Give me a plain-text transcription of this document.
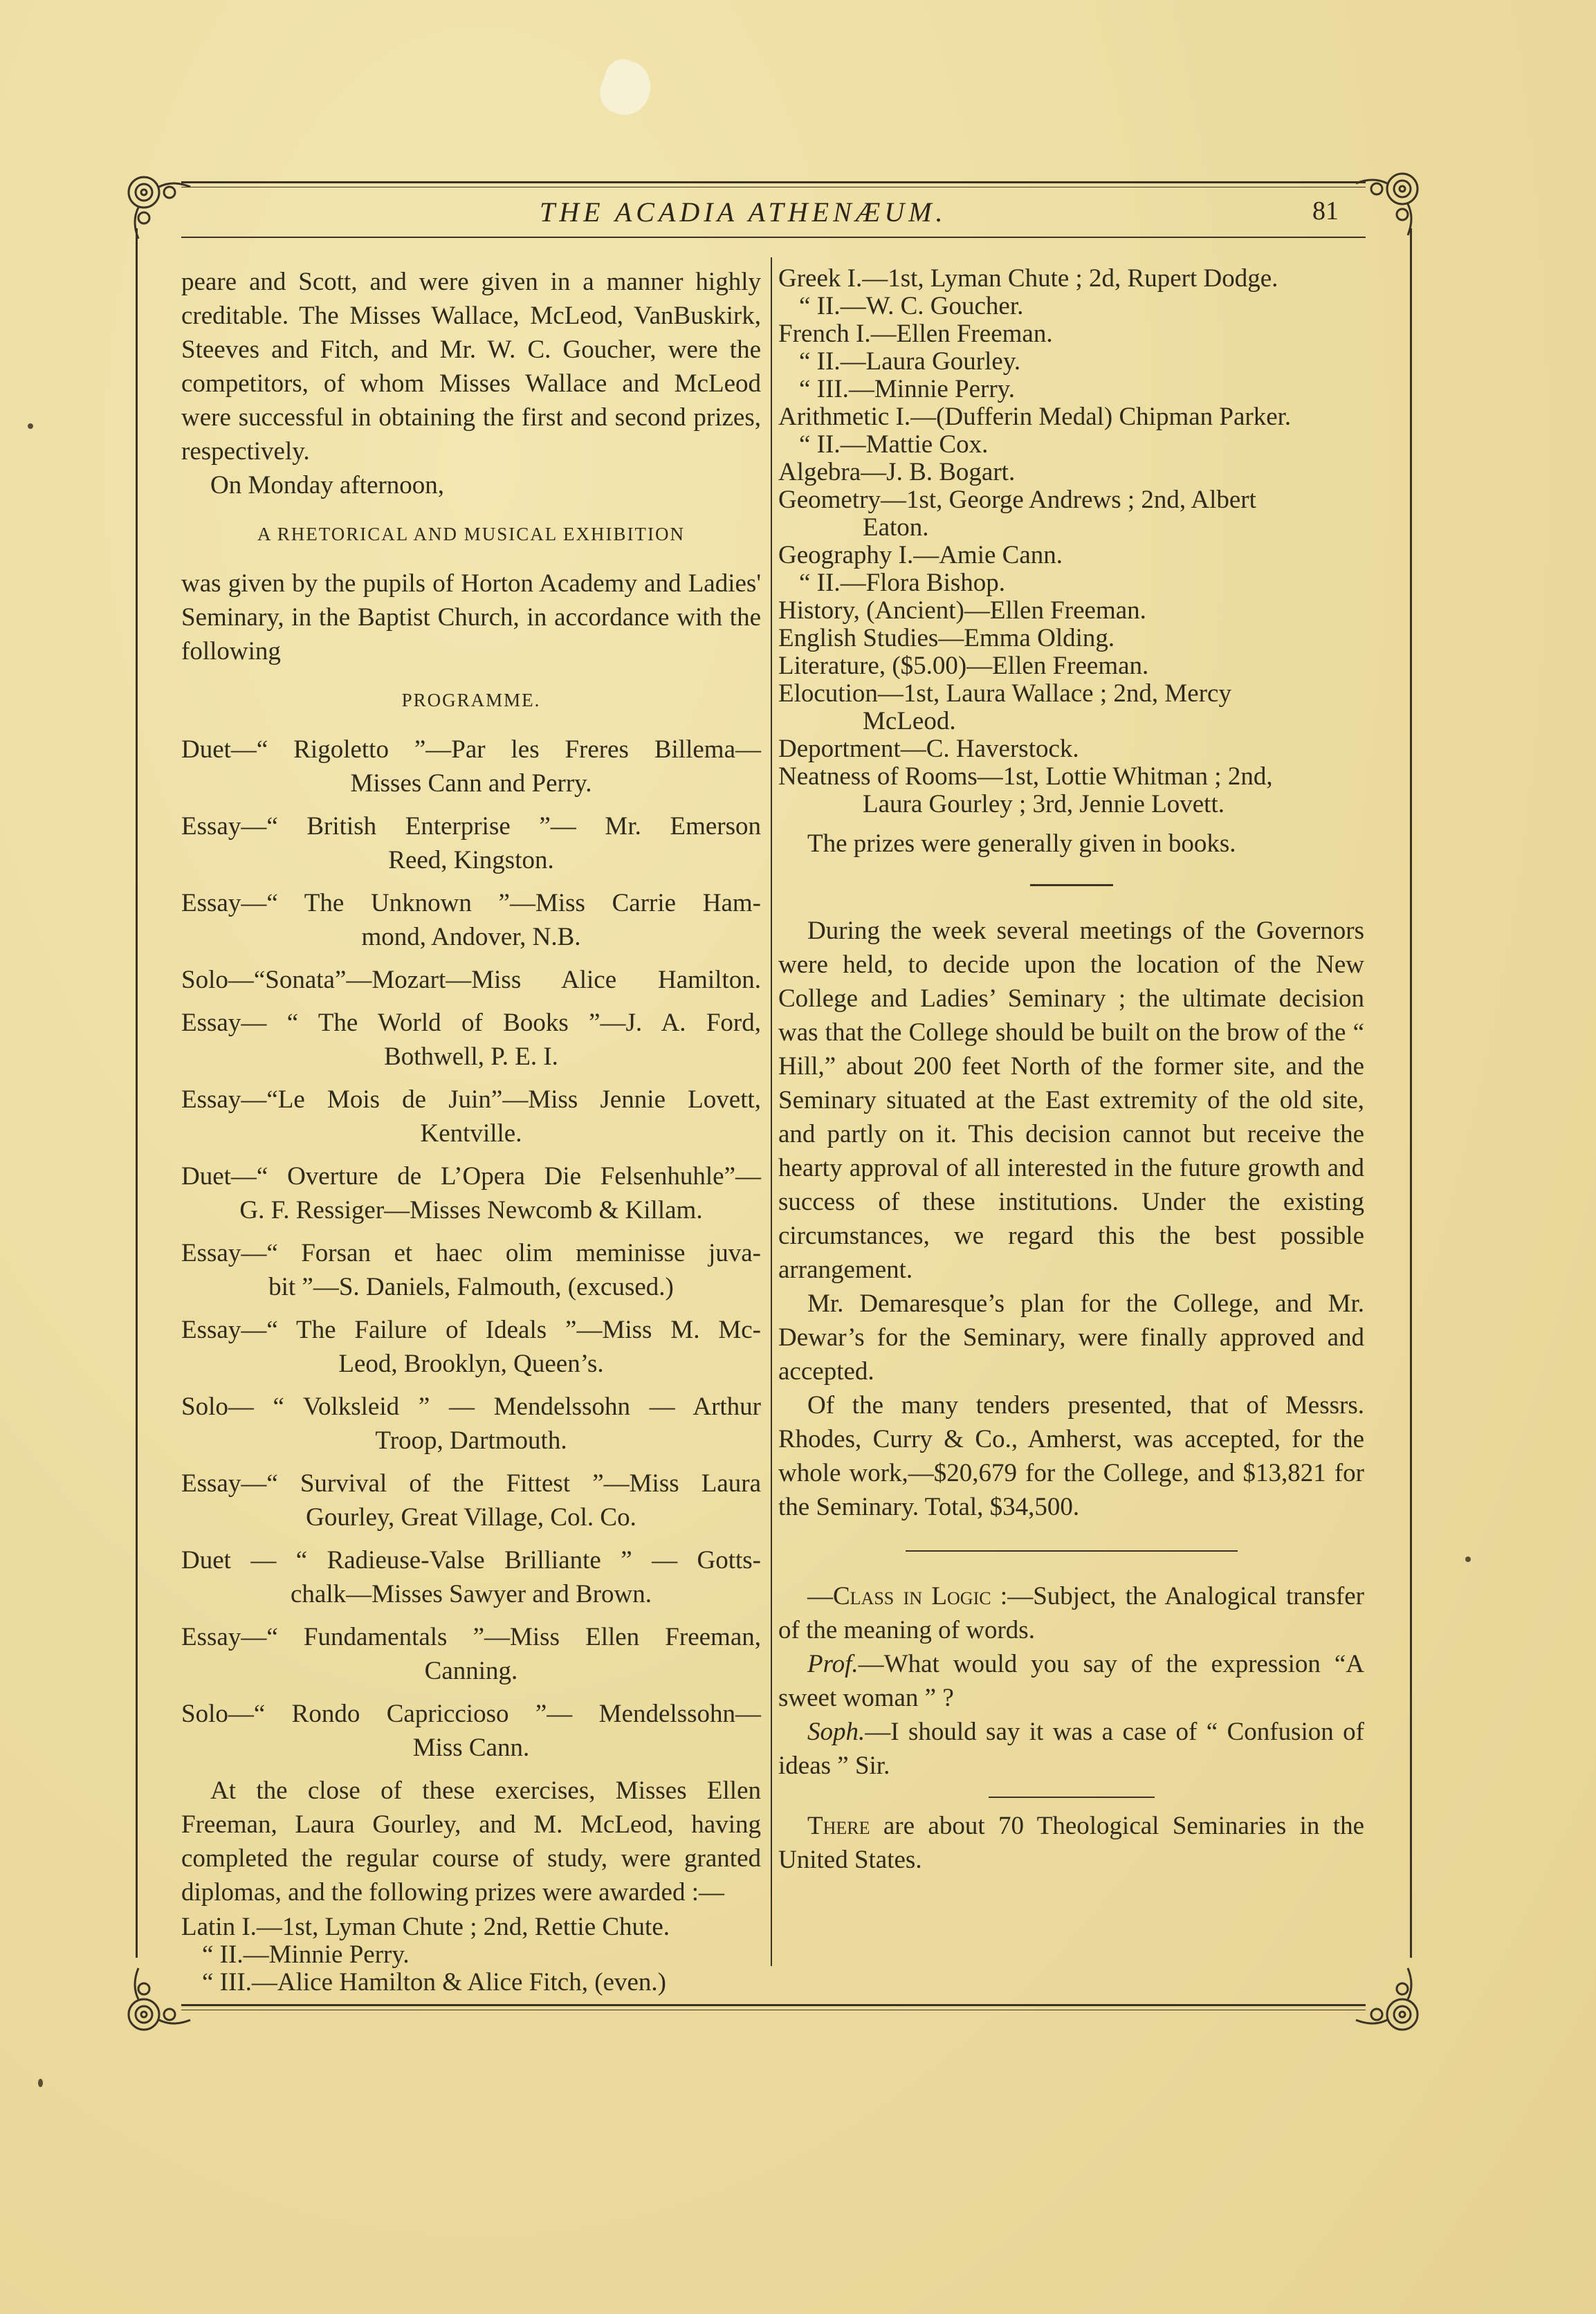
THE ACADIA ATHENÆUM.	81

peare and Scott, and were given in a manner highly creditable. The Misses Wallace, McLeod, VanBuskirk, Steeves and Fitch, and Mr. W. C. Goucher, were the competitors, of whom Misses Wallace and McLeod were successful in obtaining the first and second prizes, respectively.

On Monday afternoon,

A RHETORICAL AND MUSICAL EXHIBITION

was given by the pupils of Horton Academy and Ladies' Seminary, in the Baptist Church, in accordance with the following

PROGRAMME.
Duet—“ Rigoletto ”—Par les Freres Billema—
Misses Cann and Perry.
Essay—“ British Enterprise ”— Mr. Emerson
Reed, Kingston.
Essay—“ The Unknown ”—Miss Carrie Ham-
mond, Andover, N.B.
Solo—“Sonata”—Mozart—Miss Alice Hamilton.
Essay— “ The World of Books ”—J. A. Ford,
Bothwell, P. E. I.
Essay—“Le Mois de Juin”—Miss Jennie Lovett,
Kentville.
Duet—“ Overture de L’Opera Die Felsenhuhle”—
G. F. Ressiger—Misses Newcomb & Killam.
Essay—“ Forsan et haec olim meminisse juva-
bit ”—S. Daniels, Falmouth, (excused.)
Essay—“ The Failure of Ideals ”—Miss M. Mc-
Leod, Brooklyn, Queen’s.
Solo— “ Volksleid ” — Mendelssohn — Arthur
Troop, Dartmouth.
Essay—“ Survival of the Fittest ”—Miss Laura
Gourley, Great Village, Col. Co.
Duet — “ Radieuse-Valse Brilliante ” — Gotts-
chalk—Misses Sawyer and Brown.
Essay—“ Fundamentals ”—Miss Ellen Freeman,
Canning.
Solo—“ Rondo Capriccioso ”— Mendelssohn—
Miss Cann.

At the close of these exercises, Misses Ellen Freeman, Laura Gourley, and M. McLeod, having completed the regular course of study, were granted diplomas, and the following prizes were awarded :—

Latin I.—1st, Lyman Chute ; 2nd, Rettie Chute.
“ II.—Minnie Perry.
“ III.—Alice Hamilton & Alice Fitch, (even.)
Greek I.—1st, Lyman Chute ; 2d, Rupert Dodge.
“ II.—W. C. Goucher.
French I.—Ellen Freeman.
“ II.—Laura Gourley.
“ III.—Minnie Perry.
Arithmetic I.—(Dufferin Medal) Chipman Parker.
“ II.—Mattie Cox.
Algebra—J. B. Bogart.
Geometry—1st, George Andrews ; 2nd, Albert
Eaton.
Geography I.—Amie Cann.
“ II.—Flora Bishop.
History, (Ancient)—Ellen Freeman.
English Studies—Emma Olding.
Literature, ($5.00)—Ellen Freeman.
Elocution—1st, Laura Wallace ; 2nd, Mercy
McLeod.
Deportment—C. Haverstock.
Neatness of Rooms—1st, Lottie Whitman ; 2nd,
Laura Gourley ; 3rd, Jennie Lovett.

The prizes were generally given in books.

During the week several meetings of the Governors were held, to decide upon the location of the New College and Ladies’ Seminary ; the ultimate decision was that the College should be built on the brow of the “ Hill,” about 200 feet North of the former site, and the Seminary situated at the East extremity of the old site, and partly on it. This decision cannot but receive the hearty approval of all interested in the future growth and success of these institutions. Under the existing circumstances, we regard this the best possible arrangement.

Mr. Demaresque’s plan for the College, and Mr. Dewar’s for the Seminary, were finally approved and accepted.

Of the many tenders presented, that of Messrs. Rhodes, Curry & Co., Amherst, was accepted, for the whole work,—$20,679 for the College, and $13,821 for the Seminary. Total, $34,500.

—Class in Logic :—Subject, the Analogical transfer of the meaning of words.

Prof.—What would you say of the expression “A sweet woman ” ?

Soph.—I should say it was a case of “ Confusion of ideas ” Sir.

There are about 70 Theological Seminaries in the United States.
